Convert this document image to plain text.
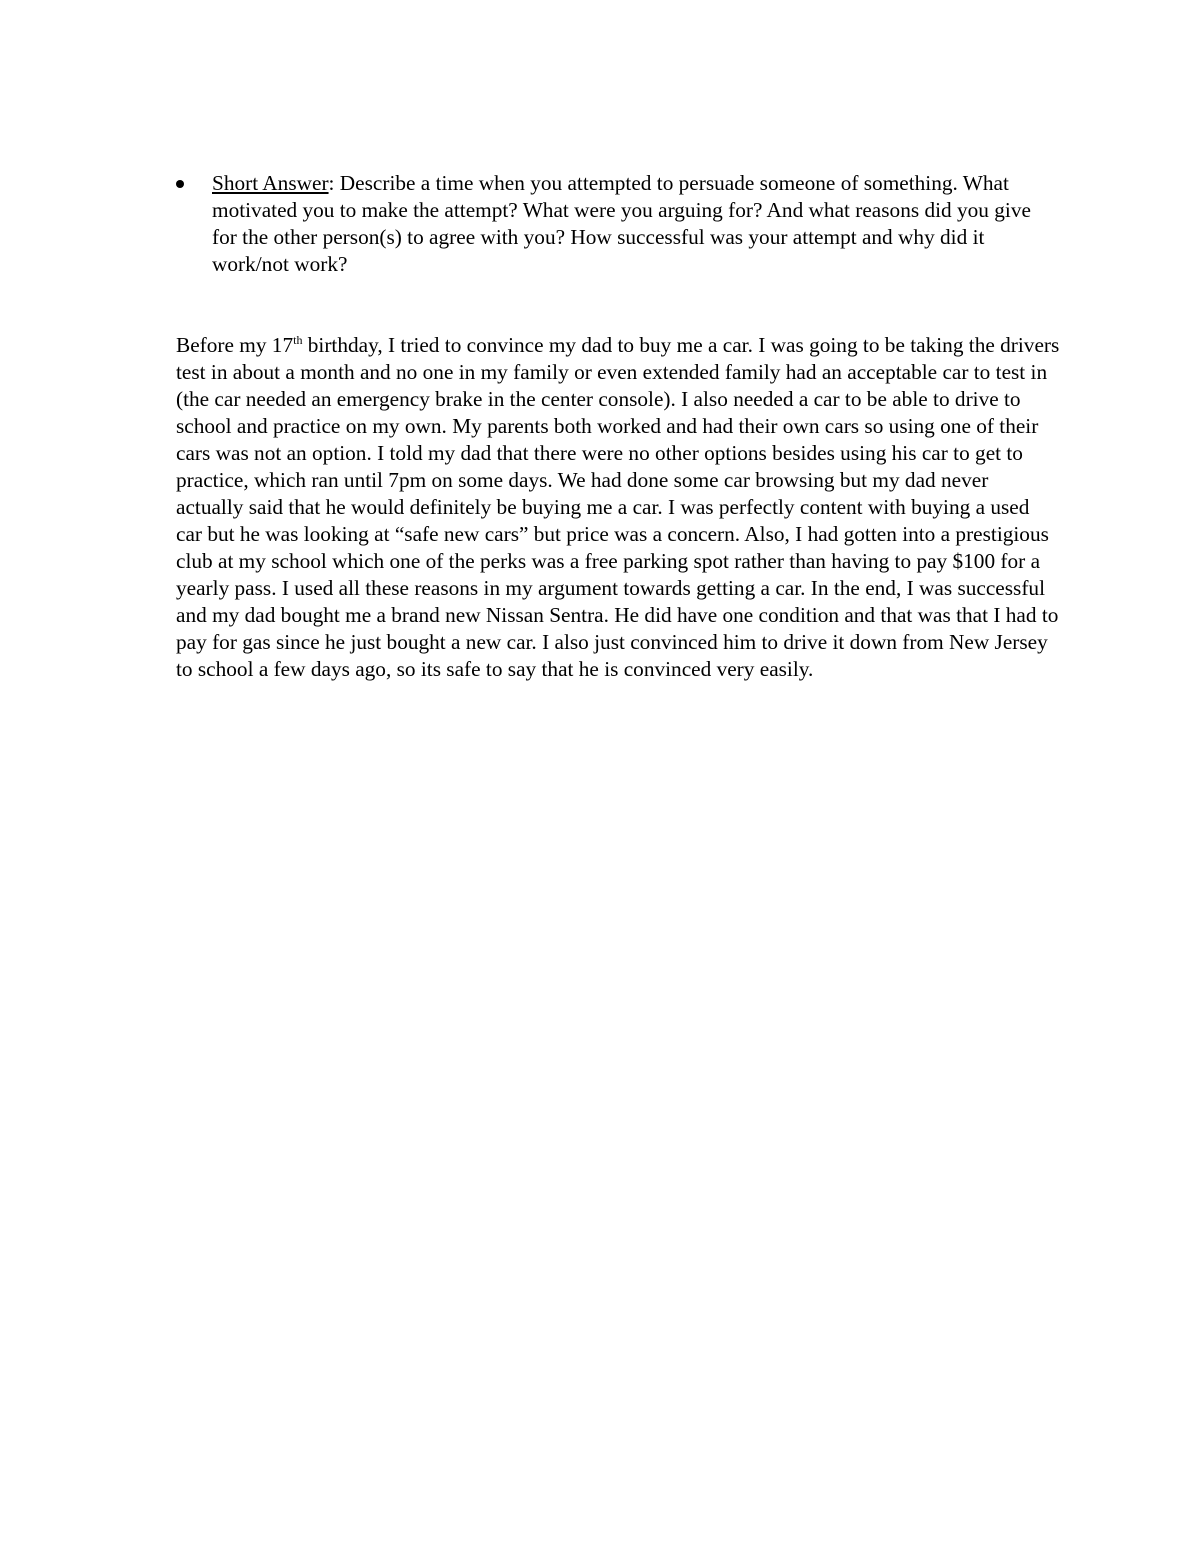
Short Answer: Describe a time when you attempted to persuade someone of something. What motivated you to make the attempt? What were you arguing for? And what reasons did you give for the other person(s) to agree with you? How successful was your attempt and why did it work/not work?

Before my 17th birthday, I tried to convince my dad to buy me a car. I was going to be taking the drivers test in about a month and no one in my family or even extended family had an acceptable car to test in (the car needed an emergency brake in the center console). I also needed a car to be able to drive to school and practice on my own. My parents both worked and had their own cars so using one of their cars was not an option. I told my dad that there were no other options besides using his car to get to practice, which ran until 7pm on some days. We had done some car browsing but my dad never actually said that he would definitely be buying me a car. I was perfectly content with buying a used car but he was looking at “safe new cars” but price was a concern. Also, I had gotten into a prestigious club at my school which one of the perks was a free parking spot rather than having to pay $100 for a yearly pass. I used all these reasons in my argument towards getting a car. In the end, I was successful and my dad bought me a brand new Nissan Sentra. He did have one condition and that was that I had to pay for gas since he just bought a new car. I also just convinced him to drive it down from New Jersey to school a few days ago, so its safe to say that he is convinced very easily.
